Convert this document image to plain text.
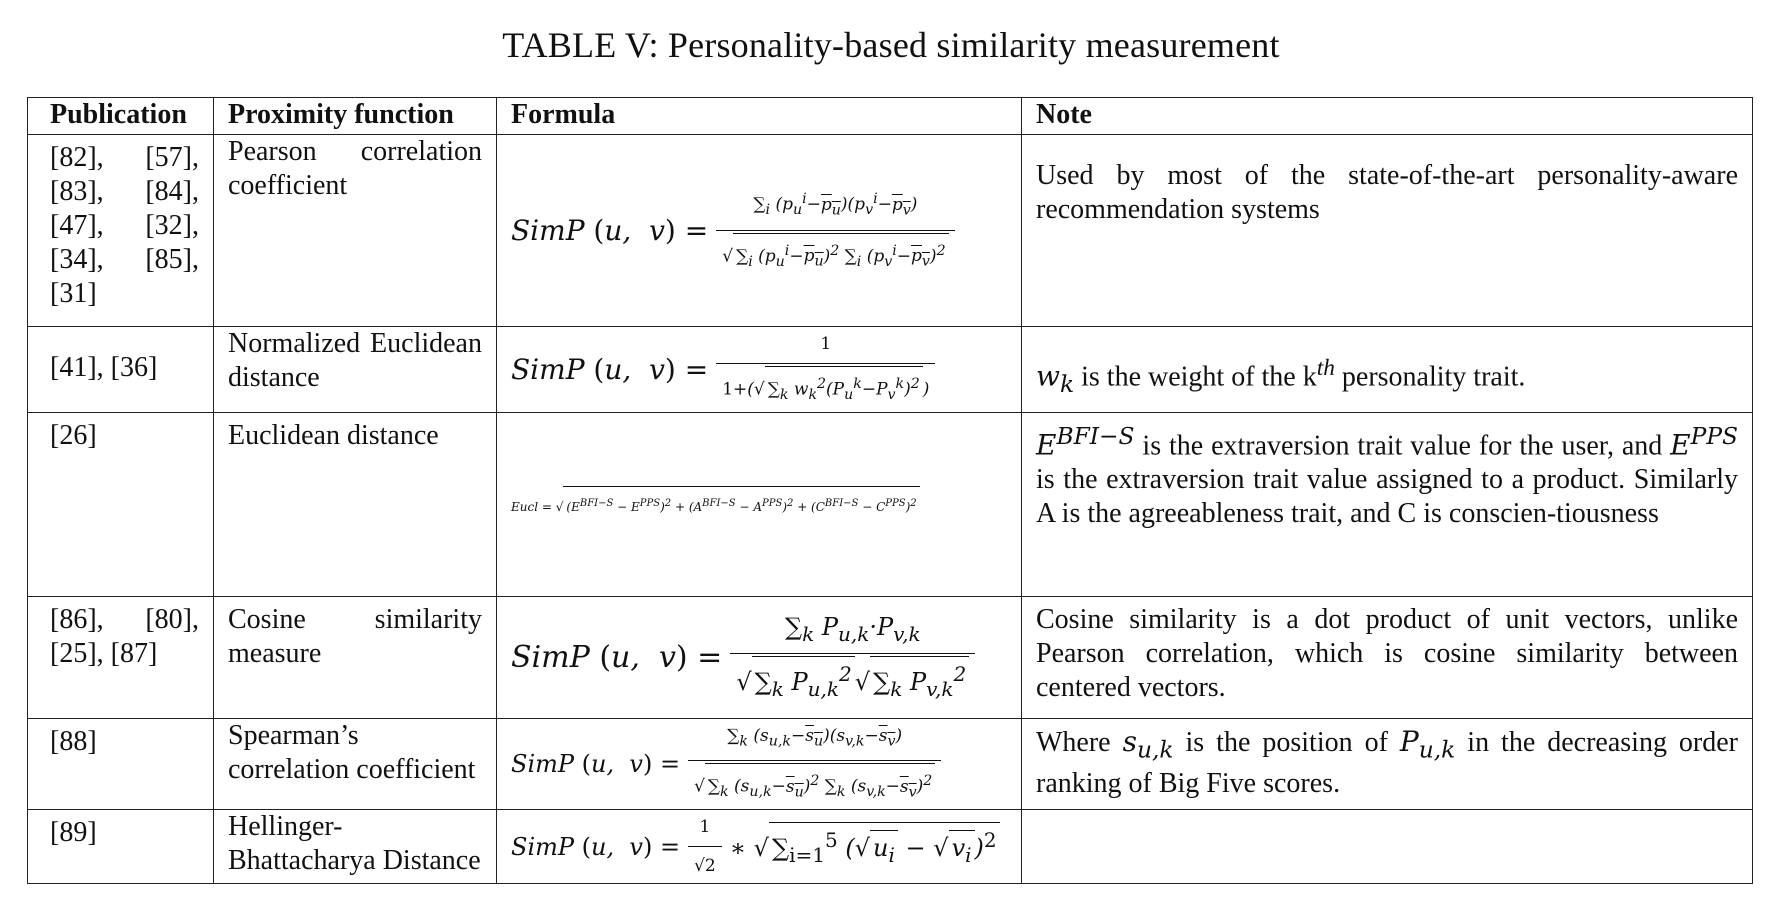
TABLE V: Personality-based similarity measurement
Publication	Proximity function	Formula	Note
[82], [57], [83], [84], [47], [32], [34], [85], [31]	Pearson correlation coefficient	SimP (u,  $v) = \frac{\sum_i (p_u^i-p_u)(p_v^i-p_v)}{√ \sum_i (p_u^i-p_u)^2 \sum_i (p_v^i-p_v)^2}$	Used by most of the state-of-the-art personality-aware recommendation systems
[41], [36]	Normalized Euclidean distance	SimP (u,  $v) = \frac{1}{1+(√ \sum_k w_k^2(P_u^k-P_v^k)^2 )}$	$w_k$ is the weight of the $k^{th}$ personality trait.
[26]	Euclidean distance	Eucl = √ $(E^{BFI-S} - E^{PPS})^2 + (A^{BFI-S} - A^{PPS})^2 + (C^{BFI-S} - C^{PPS})^2$	$E^{BFI-S}$ is the extraversion trait value for the user, and $E^{PPS}$ is the extraversion trait value assigned to a product. Similarly A is the agreeableness trait, and C is conscien-tiousness
[86], [80], [25], [87]	Cosine similarity measure	SimP (u,  $v) = \frac{\sum_k P_{u,k}\cdot P_{v,k}}{√ \sum_k P_{u,k}^2 √ \sum_k P_{v,k}^2}$	Cosine similarity is a dot product of unit vectors, unlike Pearson correlation, which is cosine similarity between centered vectors.
[88]	Spearman’s correlation coefficient	SimP (u,  $v) = \frac{\sum_k (s_{u,k}-s_u)(s_{v,k}-s_v)}{√ \sum_k (s_{u,k}-s_u)^2 \sum_k (s_{v,k}-s_v)^2}$	Where $s_{u,k}$ is the position of $P_{u,k}$ in the decreasing order ranking of Big Five scores.
[89]	Hellinger-Bhattacharya Distance	SimP (u,  $v) = \frac{1}{√2}$ ∗ √ $\sum_{i=1}^5$ (√ $u_i$ − √ $v_i$ )$^2$
